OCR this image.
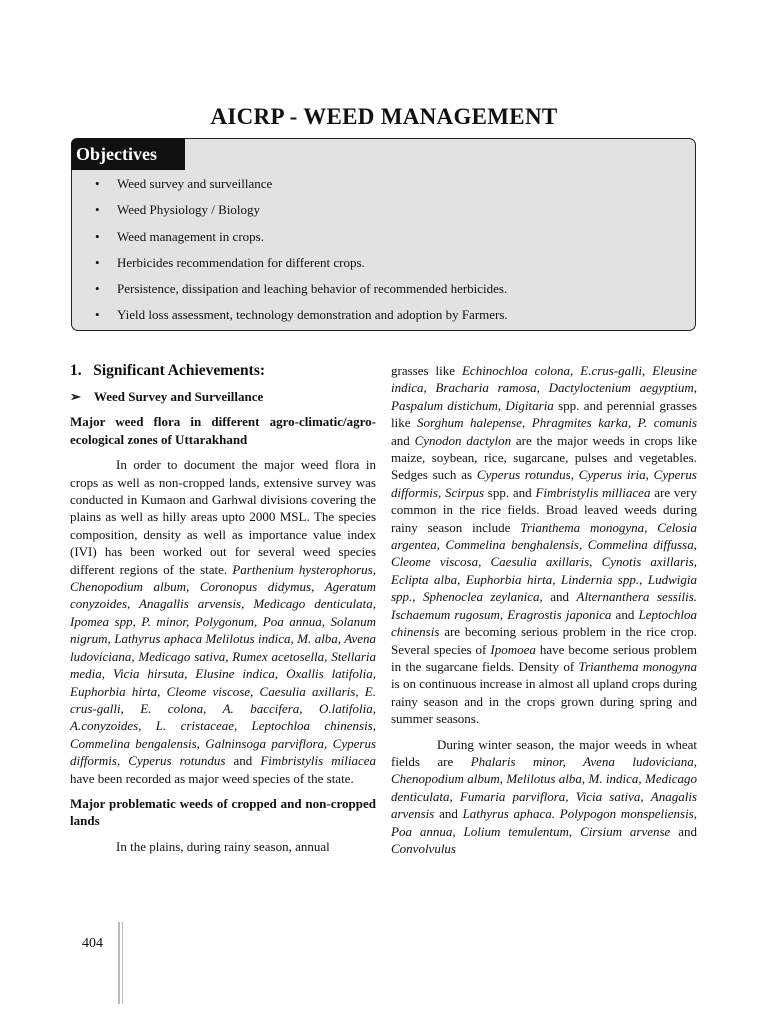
AICRP - WEED MANAGEMENT
Objectives
• Weed survey and surveillance
• Weed Physiology / Biology
• Weed management in crops.
• Herbicides recommendation for different crops.
• Persistence, dissipation and leaching behavior of recommended herbicides.
• Yield loss assessment, technology demonstration and adoption by Farmers.
1. Significant Achievements:
➢ Weed Survey and Surveillance
Major weed flora in different agro-climatic/agro-ecological zones of Uttarakhand
In order to document the major weed flora in crops as well as non-cropped lands, extensive survey was conducted in Kumaon and Garhwal divisions covering the plains as well as hilly areas upto 2000 MSL. The species composition, density as well as importance value index (IVI) has been worked out for several weed species different regions of the state. Parthenium hysterophorus, Chenopodium album, Coronopus didymus, Ageratum conyzoides, Anagallis arvensis, Medicago denticulata, Ipomea spp, P. minor, Polygonum, Poa annua, Solanum nigrum, Lathyrus aphaca Melilotus indica, M. alba, Avena ludoviciana, Medicago sativa, Rumex acetosella, Stellaria media, Vicia hirsuta, Elusine indica, Oxallis latifolia, Euphorbia hirta, Cleome viscose, Caesulia axillaris, E. crus-galli, E. colona, A. baccifera, O.latifolia, A.conyzoides, L. cristaceae, Leptochloa chinensis, Commelina bengalensis, Galninsoga parviflora, Cyperus difformis, Cyperus rotundus and Fimbristylis miliacea have been recorded as major weed species of the state.
Major problematic weeds of cropped and non-cropped lands
In the plains, during rainy season, annual
grasses like Echinochloa colona, E.crus-galli, Eleusine indica, Bracharia ramosa, Dactyloctenium aegyptium, Paspalum distichum, Digitaria spp. and perennial grasses like Sorghum halepense, Phragmites karka, P. comunis and Cynodon dactylon are the major weeds in crops like maize, soybean, rice, sugarcane, pulses and vegetables. Sedges such as Cyperus rotundus, Cyperus iria, Cyperus difformis, Scirpus spp. and Fimbristylis milliacea are very common in the rice fields. Broad leaved weeds during rainy season include Trianthema monogyna, Celosia argentea, Commelina benghalensis, Commelina diffussa, Cleome viscosa, Caesulia axillaris, Cynotis axillaris, Eclipta alba, Euphorbia hirta, Lindernia spp., Ludwigia spp., Sphenoclea zeylanica, and Alternanthera sessilis. Ischaemum rugosum, Eragrostis japonica and Leptochloa chinensis are becoming serious problem in the rice crop. Several species of Ipomoea have become serious problem in the sugarcane fields. Density of Trianthema monogyna is on continuous increase in almost all upland crops during rainy season and in the crops grown during spring and summer seasons.
During winter season, the major weeds in wheat fields are Phalaris minor, Avena ludoviciana, Chenopodium album, Melilotus alba, M. indica, Medicago denticulata, Fumaria parviflora, Vicia sativa, Anagalis arvensis and Lathyrus aphaca. Polypogon monspeliensis, Poa annua, Lolium temulentum, Cirsium arvense and Convolvulus
404
